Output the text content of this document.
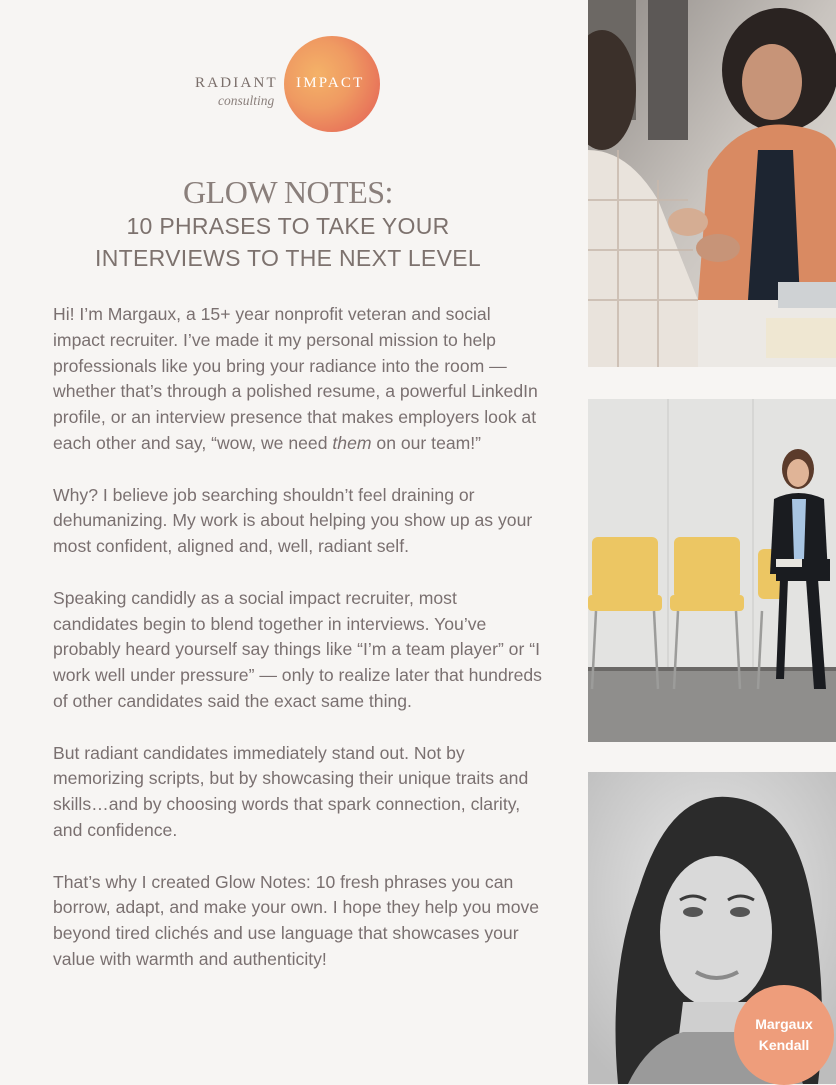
RADIANT IMPACT
consulting
GLOW NOTES:
10 PHRASES TO TAKE YOUR
INTERVIEWS TO THE NEXT LEVEL

Hi! I’m Margaux, a 15+ year nonprofit veteran and social impact recruiter. I’ve made it my personal mission to help professionals like you bring your radiance into the room — whether that’s through a polished resume, a powerful LinkedIn profile, or an interview presence that makes employers look at each other and say, “wow, we need them on our team!”

Why? I believe job searching shouldn’t feel draining or dehumanizing. My work is about helping you show up as your most confident, aligned and, well, radiant self.

Speaking candidly as a social impact recruiter, most candidates begin to blend together in interviews. You’ve probably heard yourself say things like “I’m a team player” or “I work well under pressure” — only to realize later that hundreds of other candidates said the exact same thing.

But radiant candidates immediately stand out. Not by memorizing scripts, but by showcasing their unique traits and skills…and by choosing words that spark connection, clarity, and confidence.

That’s why I created Glow Notes: 10 fresh phrases you can borrow, adapt, and make your own. I hope they help you move beyond tired clichés and use language that showcases your value with warmth and authenticity!

Margaux
Kendall
